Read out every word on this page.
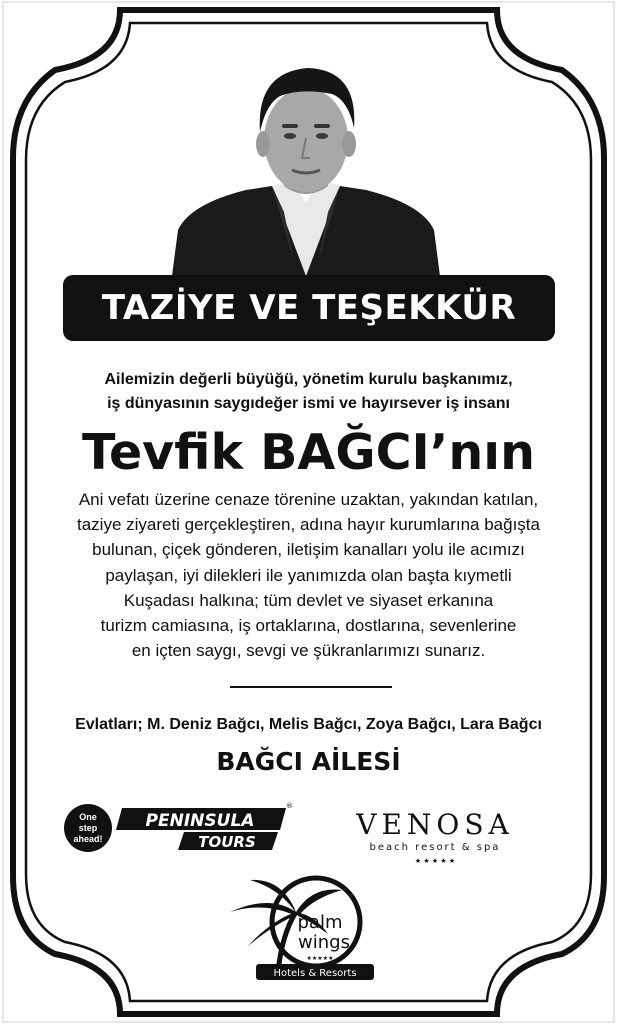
TAZİYE VE TEŞEKKÜR
Ailemizin değerli büyüğü, yönetim kurulu başkanımız,
iş dünyasının saygıdeğer ismi ve hayırsever iş insanı
Tevfik BAĞCI’nın
Ani vefatı üzerine cenaze törenine uzaktan, yakından katılan,
taziye ziyareti gerçekleştiren, adına hayır kurumlarına bağışta
bulunan, çiçek gönderen, iletişim kanalları yolu ile acımızı
paylaşan, iyi dilekleri ile yanımızda olan başta kıymetli
Kuşadası halkına; tüm devlet ve siyaset erkanına
turizm camiasına, iş ortaklarına, dostlarına, sevenlerine
en içten saygı, sevgi ve şükranlarımızı sunarız.
Evlatları; M. Deniz Bağcı, Melis Bağcı, Zoya Bağcı, Lara Bağcı
BAĞCI AİLESİ
One
step
ahead!
PENINSULA
®
TOURS
VENOSA
beach resort & spa
★ ★ ★ ★ ★
palm
wings
★★★★★
Hotels & Resorts
